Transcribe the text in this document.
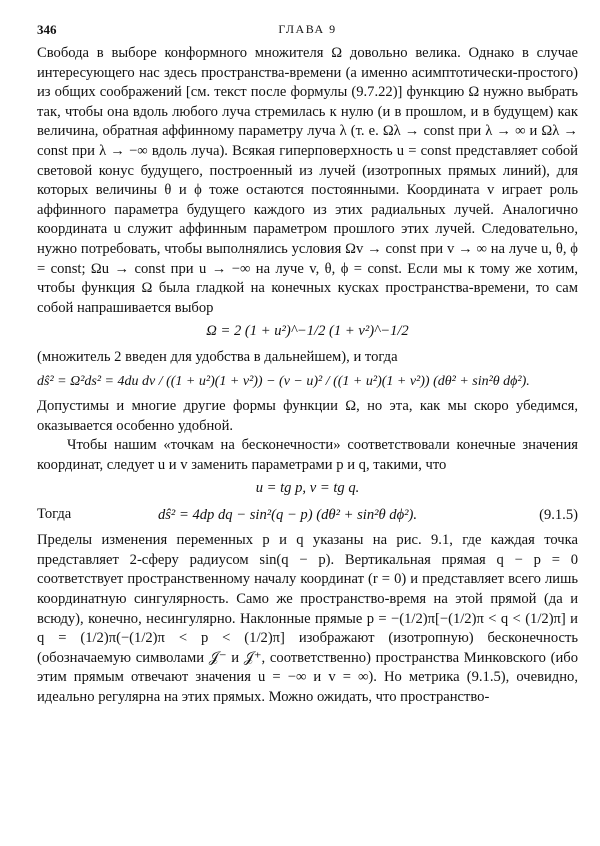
346	ГЛАВА 9

Свобода в выборе конформного множителя Ω довольно велика. Однако в случае интересующего нас здесь пространства-времени (а именно асимптотически-простого) из общих соображений [см. текст после формулы (9.7.22)] функцию Ω нужно выбрать так, чтобы она вдоль любого луча стремилась к нулю (и в прошлом, и в будущем) как величина, обратная аффинному параметру луча λ (т. е. Ωλ → const при λ → ∞ и Ωλ → const при λ → −∞ вдоль луча). Всякая гиперповерхность u = const представляет собой световой конус будущего, построенный из лучей (изотропных прямых линий), для которых величины θ и ϕ тоже остаются постоянными. Координата v играет роль аффинного параметра будущего каждого из этих радиальных лучей. Аналогично координата u служит аффинным параметром прошлого этих лучей. Следовательно, нужно потребовать, чтобы выполнялись условия Ωv → const при v → ∞ на луче u, θ, ϕ = const; Ωu → const при u → −∞ на луче v, θ, ϕ = const. Если мы к тому же хотим, чтобы функция Ω была гладкой на конечных кусках пространства-времени, то сам собой напрашивается выбор

Ω = 2 (1 + u²)^−1/2 (1 + v²)^−1/2

(множитель 2 введен для удобства в дальнейшем), и тогда

dŝ² = Ω²ds² = 4du dv / ((1 + u²)(1 + v²)) − (v − u)² / ((1 + u²)(1 + v²)) (dθ² + sin²θ dϕ²).

Допустимы и многие другие формы функции Ω, но эта, как мы скоро убедимся, оказывается особенно удобной.

Чтобы нашим «точкам на бесконечности» соответствовали конечные значения координат, следует u и v заменить параметрами p и q, такими, что

u = tg p, v = tg q.
Тогда	dŝ² = 4dp dq − sin²(q − p) (dθ² + sin²θ dϕ²).	(9.1.5)

Пределы изменения переменных p и q указаны на рис. 9.1, где каждая точка представляет 2-сферу радиусом sin(q − p). Вертикальная прямая q − p = 0 соответствует пространственному началу координат (r = 0) и представляет всего лишь координатную сингулярность. Само же пространство-время на этой прямой (да и всюду), конечно, несингулярно. Наклонные прямые p = −(1/2)π[−(1/2)π < q < (1/2)π] и q = (1/2)π(−(1/2)π < p < (1/2)π] изображают (изотропную) бесконечность (обозначаемую символами 𝒥⁻ и 𝒥⁺, соответственно) пространства Минковского (ибо этим прямым отвечают значения u = −∞ и v = ∞). Но метрика (9.1.5), очевидно, идеально регулярна на этих прямых. Можно ожидать, что пространство-
